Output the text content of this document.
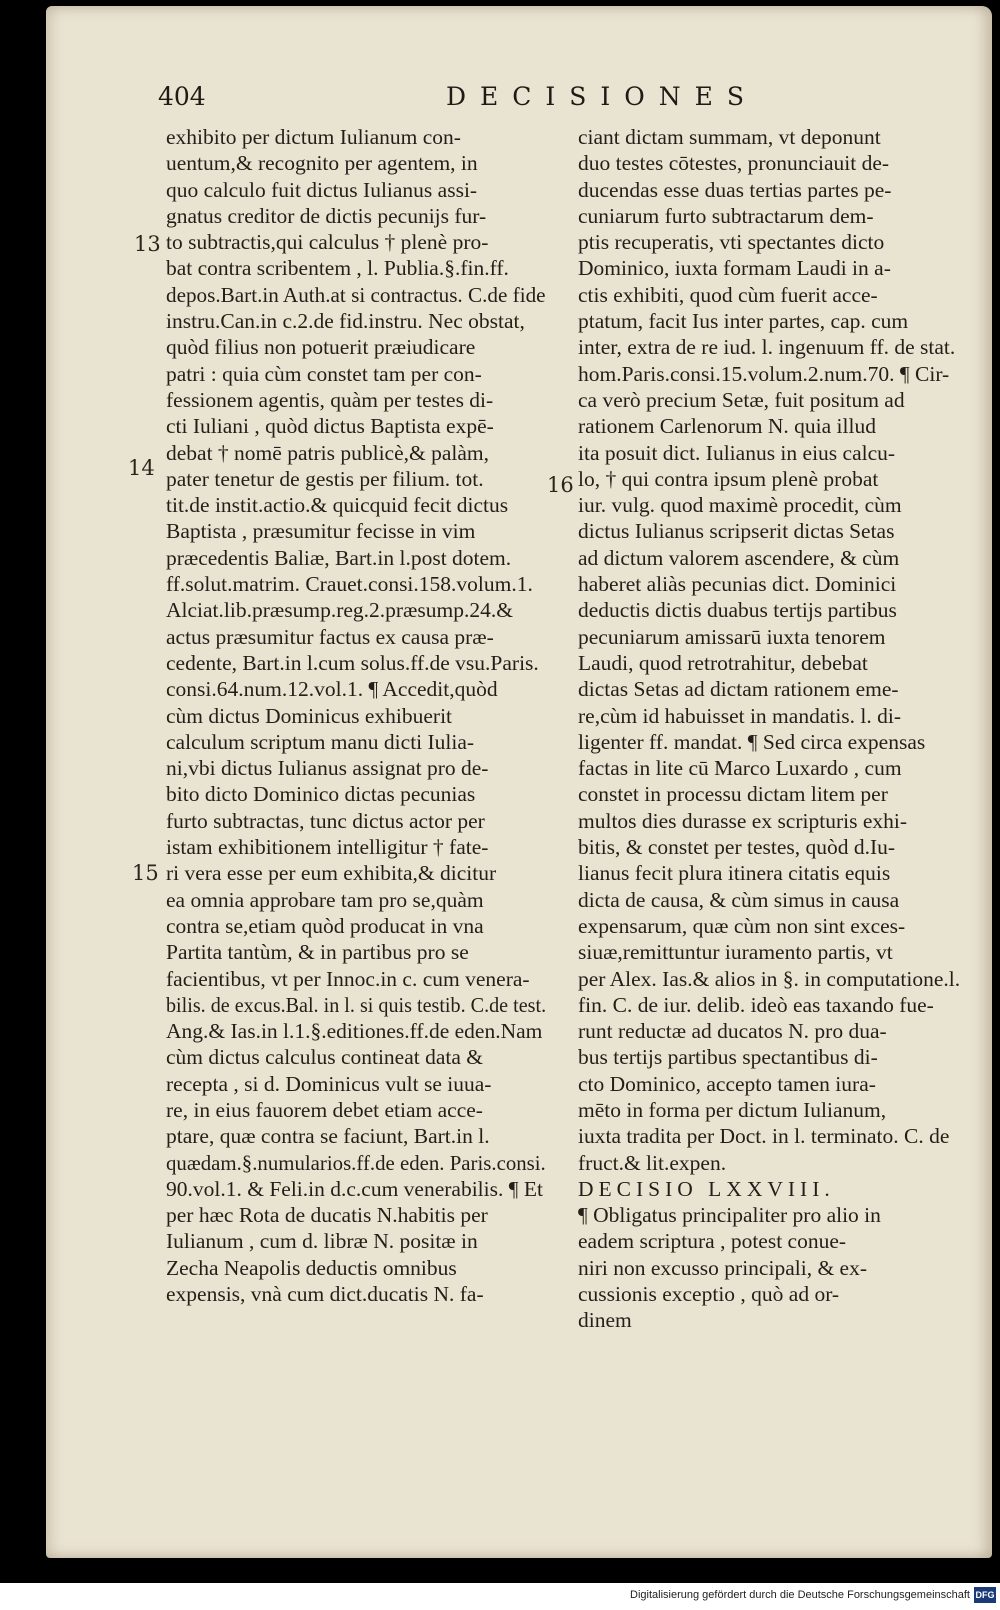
404	DECISIONES
exhibito per dictum Iulianum con-
uentum,& recognito per agentem, in
quo calculo fuit dictus Iulianus assi-
gnatus creditor de dictis pecunijs fur-
to subtractis,qui calculus † plenè pro-
bat contra scribentem , l. Publia.§.fin.ff.
depos.Bart.in Auth.at si contractus. C.de fide
instru.Can.in c.2.de fid.instru. Nec obstat,
quòd filius non potuerit præiudicare
patri : quia cùm constet tam per con-
fessionem agentis, quàm per testes di-
cti Iuliani , quòd dictus Baptista expē-
debat † nomē patris publicè,& palàm,
pater tenetur de gestis per filium. tot.
tit.de instit.actio.& quicquid fecit dictus
Baptista , præsumitur fecisse in vim
præcedentis Baliæ, Bart.in l.post dotem.
ff.solut.matrim. Crauet.consi.158.volum.1.
Alciat.lib.præsump.reg.2.præsump.24.&
actus præsumitur factus ex causa præ-
cedente, Bart.in l.cum solus.ff.de vsu.Paris.
consi.64.num.12.vol.1. ¶ Accedit,quòd
cùm dictus Dominicus exhibuerit
calculum scriptum manu dicti Iulia-
ni,vbi dictus Iulianus assignat pro de-
bito dicto Dominico dictas pecunias
furto subtractas, tunc dictus actor per
istam exhibitionem intelligitur † fate-
ri vera esse per eum exhibita,& dicitur
ea omnia approbare tam pro se,quàm
contra se,etiam quòd producat in vna
Partita tantùm, & in partibus pro se
facientibus, vt per Innoc.in c. cum venera-
bilis. de excus.Bal. in l. si quis testib. C.de test.
Ang.& Ias.in l.1.§.editiones.ff.de eden.Nam
cùm dictus calculus contineat data &
recepta , si d. Dominicus vult se iuua-
re, in eius fauorem debet etiam acce-
ptare, quæ contra se faciunt, Bart.in l.
quædam.§.numularios.ff.de eden. Paris.consi.
90.vol.1. & Feli.in d.c.cum venerabilis. ¶ Et
per hæc Rota de ducatis N.habitis per
Iulianum , cum d. libræ N. positæ in
Zecha Neapolis deductis omnibus
expensis, vnà cum dict.ducatis N. fa-
ciant dictam summam, vt deponunt
duo testes cōtestes, pronunciauit de-
ducendas esse duas tertias partes pe-
cuniarum furto subtractarum dem-
ptis recuperatis, vti spectantes dicto
Dominico, iuxta formam Laudi in a-
ctis exhibiti, quod cùm fuerit acce-
ptatum, facit Ius inter partes, cap. cum
inter, extra de re iud. l. ingenuum ff. de stat.
hom.Paris.consi.15.volum.2.num.70. ¶ Cir-
ca verò precium Setæ, fuit positum ad
rationem Carlenorum N. quia illud
ita posuit dict. Iulianus in eius calcu-
lo, † qui contra ipsum plenè probat
iur. vulg. quod maximè procedit, cùm
dictus Iulianus scripserit dictas Setas
ad dictum valorem ascendere, & cùm
haberet aliàs pecunias dict. Dominici
deductis dictis duabus tertijs partibus
pecuniarum amissarū iuxta tenorem
Laudi, quod retrotrahitur, debebat
dictas Setas ad dictam rationem eme-
re,cùm id habuisset in mandatis. l. di-
ligenter ff. mandat. ¶ Sed circa expensas
factas in lite cū Marco Luxardo , cum
constet in processu dictam litem per
multos dies durasse ex scripturis exhi-
bitis, & constet per testes, quòd d.Iu-
lianus fecit plura itinera citatis equis
dicta de causa, & cùm simus in causa
expensarum, quæ cùm non sint exces-
siuæ,remittuntur iuramento partis, vt
per Alex. Ias.& alios in §. in computatione.l.
fin. C. de iur. delib. ideò eas taxando fue-
runt reductæ ad ducatos N. pro dua-
bus tertijs partibus spectantibus di-
cto Dominico, accepto tamen iura-
mēto in forma per dictum Iulianum,
iuxta tradita per Doct. in l. terminato. C. de
fruct.& lit.expen.
DECISIO LXXVIII.
¶ Obligatus principaliter pro alio in
eadem scriptura , potest conue-
niri non excusso principali, & ex-
cussionis exceptio , quò ad or-
dinem
13
14
15
16
Digitalisierung gefördert durch die Deutsche Forschungsgemeinschaft DFG
